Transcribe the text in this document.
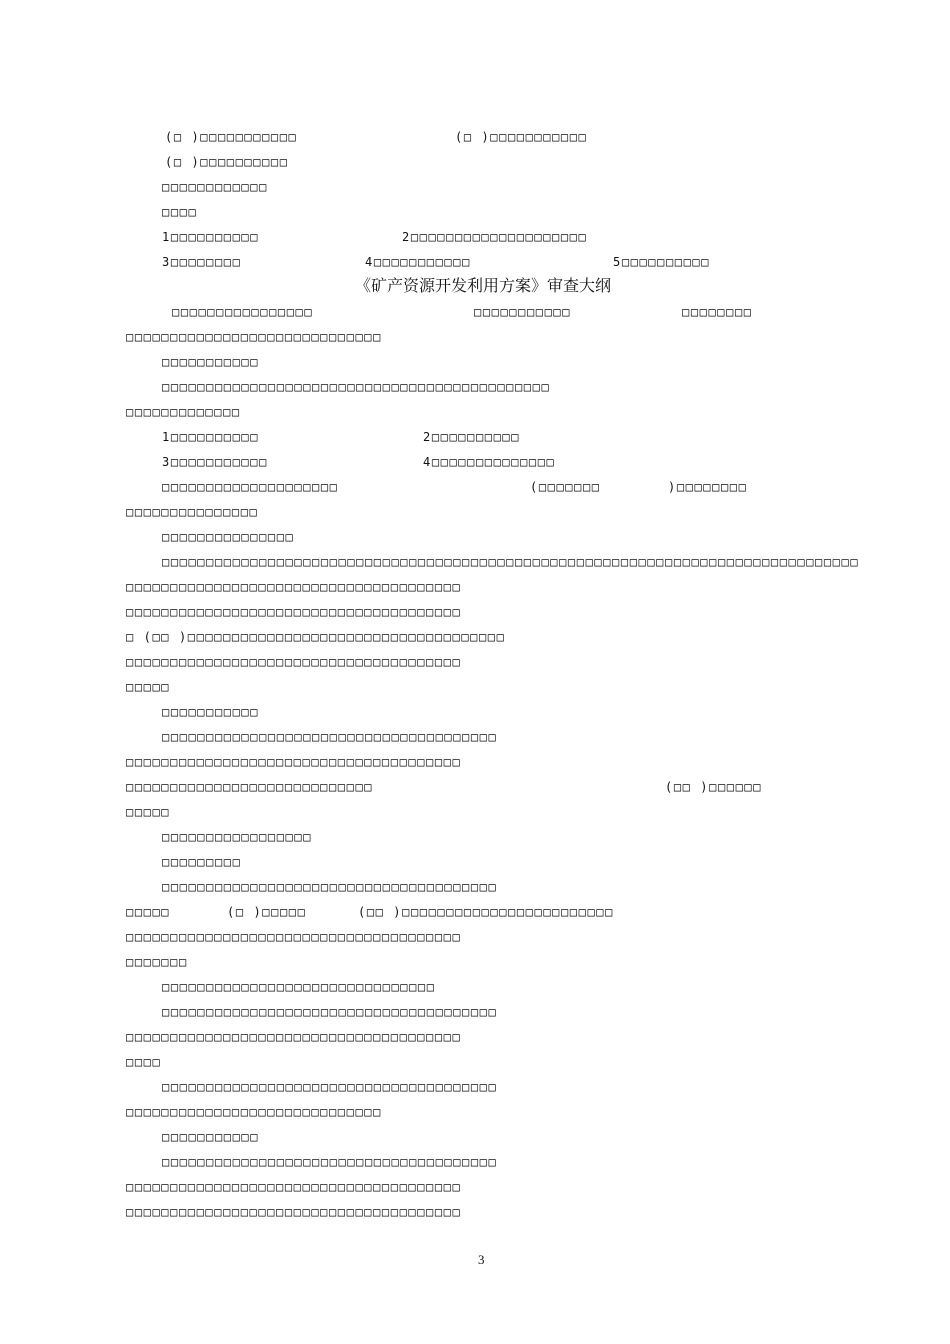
(□ )□□□□□□□□□□□	(□ )□□□□□□□□□□□
(□ )□□□□□□□□□□
□□□□□□□□□□□□
□□□□
1□□□□□□□□□□	2□□□□□□□□□□□□□□□□□□□□
3□□□□□□□□	4□□□□□□□□□□□	5□□□□□□□□□□
《矿产资源开发利用方案》审查大纲
□□□□□□□□□□□□□□□□	□□□□□□□□□□□	□□□□□□□□
□□□□□□□□□□□□□□□□□□□□□□□□□□□□□
□□□□□□□□□□□
□□□□□□□□□□□□□□□□□□□□□□□□□□□□□□□□□□□□□□□□□□□□
□□□□□□□□□□□□□
1□□□□□□□□□□	2□□□□□□□□□□
3□□□□□□□□□□□	4□□□□□□□□□□□□□□
□□□□□□□□□□□□□□□□□□□□	(□□□□□□□	)□□□□□□□□
□□□□□□□□□□□□□□□
□□□□□□□□□□□□□□□
□□□□□□□□□□□□□□□□□□□□□□□□□□□□□□□□□□□□□□□□□□□□□□□□□□□□□□□□□□□□□□□□□□□□□□□□□□□□□□□
□□□□□□□□□□□□□□□□□□□□□□□□□□□□□□□□□□□□□□
□□□□□□□□□□□□□□□□□□□□□□□□□□□□□□□□□□□□□□
□ (□□ )□□□□□□□□□□□□□□□□□□□□□□□□□□□□□□□□□□□□
□□□□□□□□□□□□□□□□□□□□□□□□□□□□□□□□□□□□□□
□□□□□
□□□□□□□□□□□
□□□□□□□□□□□□□□□□□□□□□□□□□□□□□□□□□□□□□□
□□□□□□□□□□□□□□□□□□□□□□□□□□□□□□□□□□□□□□
□□□□□□□□□□□□□□□□□□□□□□□□□□□□	(□□ )□□□□□□
□□□□□
□□□□□□□□□□□□□□□□□
□□□□□□□□□
□□□□□□□□□□□□□□□□□□□□□□□□□□□□□□□□□□□□□□
□□□□□	(□ )□□□□□	(□□ )□□□□□□□□□□□□□□□□□□□□□□□□
□□□□□□□□□□□□□□□□□□□□□□□□□□□□□□□□□□□□□□
□□□□□□□
□□□□□□□□□□□□□□□□□□□□□□□□□□□□□□□
□□□□□□□□□□□□□□□□□□□□□□□□□□□□□□□□□□□□□□
□□□□□□□□□□□□□□□□□□□□□□□□□□□□□□□□□□□□□□
□□□□
□□□□□□□□□□□□□□□□□□□□□□□□□□□□□□□□□□□□□□
□□□□□□□□□□□□□□□□□□□□□□□□□□□□□
□□□□□□□□□□□
□□□□□□□□□□□□□□□□□□□□□□□□□□□□□□□□□□□□□□
□□□□□□□□□□□□□□□□□□□□□□□□□□□□□□□□□□□□□□
□□□□□□□□□□□□□□□□□□□□□□□□□□□□□□□□□□□□□□
3
